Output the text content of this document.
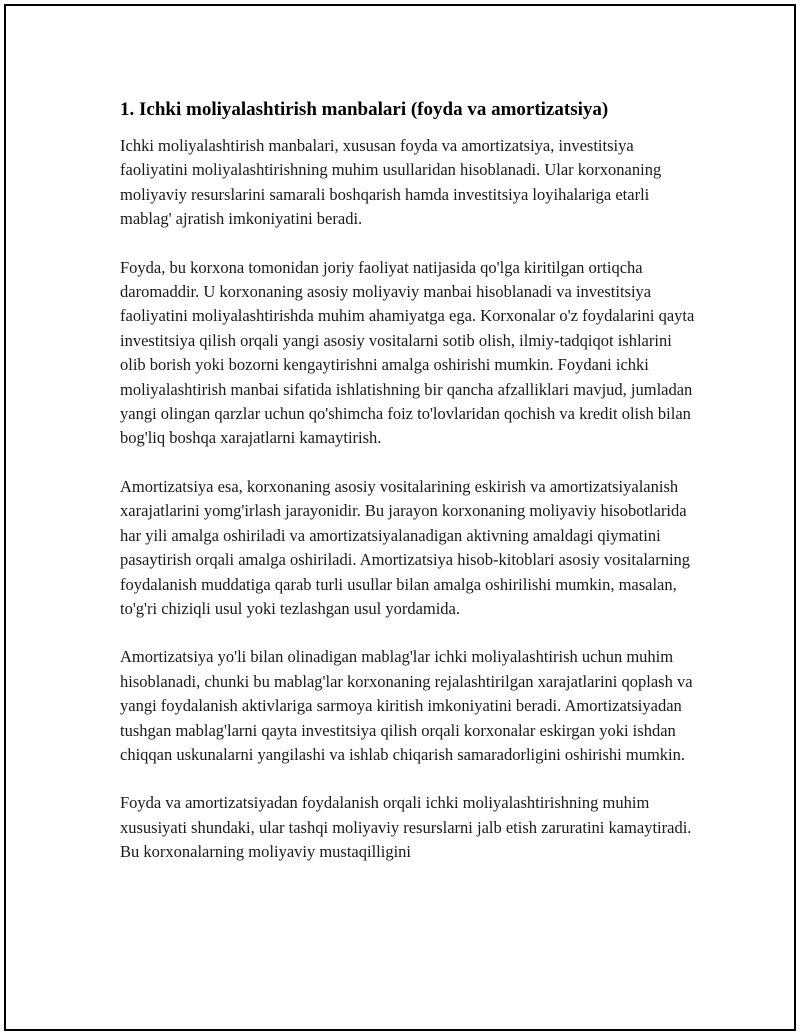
1. Ichki moliyalashtirish manbalari (foyda va amortizatsiya)

Ichki moliyalashtirish manbalari, xususan foyda va amortizatsiya, investitsiya faoliyatini moliyalashtirishning muhim usullaridan hisoblanadi. Ular korxonaning moliyaviy resurslarini samarali boshqarish hamda investitsiya loyihalariga etarli mablag' ajratish imkoniyatini beradi.

Foyda, bu korxona tomonidan joriy faoliyat natijasida qo'lga kiritilgan ortiqcha daromaddir. U korxonaning asosiy moliyaviy manbai hisoblanadi va investitsiya faoliyatini moliyalashtirishda muhim ahamiyatga ega. Korxonalar o'z foydalarini qayta investitsiya qilish orqali yangi asosiy vositalarni sotib olish, ilmiy-tadqiqot ishlarini olib borish yoki bozorni kengaytirishni amalga oshirishi mumkin. Foydani ichki moliyalashtirish manbai sifatida ishlatishning bir qancha afzalliklari mavjud, jumladan yangi olingan qarzlar uchun qo'shimcha foiz to'lovlaridan qochish va kredit olish bilan bog'liq boshqa xarajatlarni kamaytirish.

Amortizatsiya esa, korxonaning asosiy vositalarining eskirish va amortizatsiyalanish xarajatlarini yomg'irlash jarayonidir. Bu jarayon korxonaning moliyaviy hisobotlarida har yili amalga oshiriladi va amortizatsiyalanadigan aktivning amaldagi qiymatini pasaytirish orqali amalga oshiriladi. Amortizatsiya hisob-kitoblari asosiy vositalarning foydalanish muddatiga qarab turli usullar bilan amalga oshirilishi mumkin, masalan, to'g'ri chiziqli usul yoki tezlashgan usul yordamida.

Amortizatsiya yo'li bilan olinadigan mablag'lar ichki moliyalashtirish uchun muhim hisoblanadi, chunki bu mablag'lar korxonaning rejalashtirilgan xarajatlarini qoplash va yangi foydalanish aktivlariga sarmoya kiritish imkoniyatini beradi. Amortizatsiyadan tushgan mablag'larni qayta investitsiya qilish orqali korxonalar eskirgan yoki ishdan chiqqan uskunalarni yangilashi va ishlab chiqarish samaradorligini oshirishi mumkin.

Foyda va amortizatsiyadan foydalanish orqali ichki moliyalashtirishning muhim xususiyati shundaki, ular tashqi moliyaviy resurslarni jalb etish zaruratini kamaytiradi. Bu korxonalarning moliyaviy mustaqilligini
